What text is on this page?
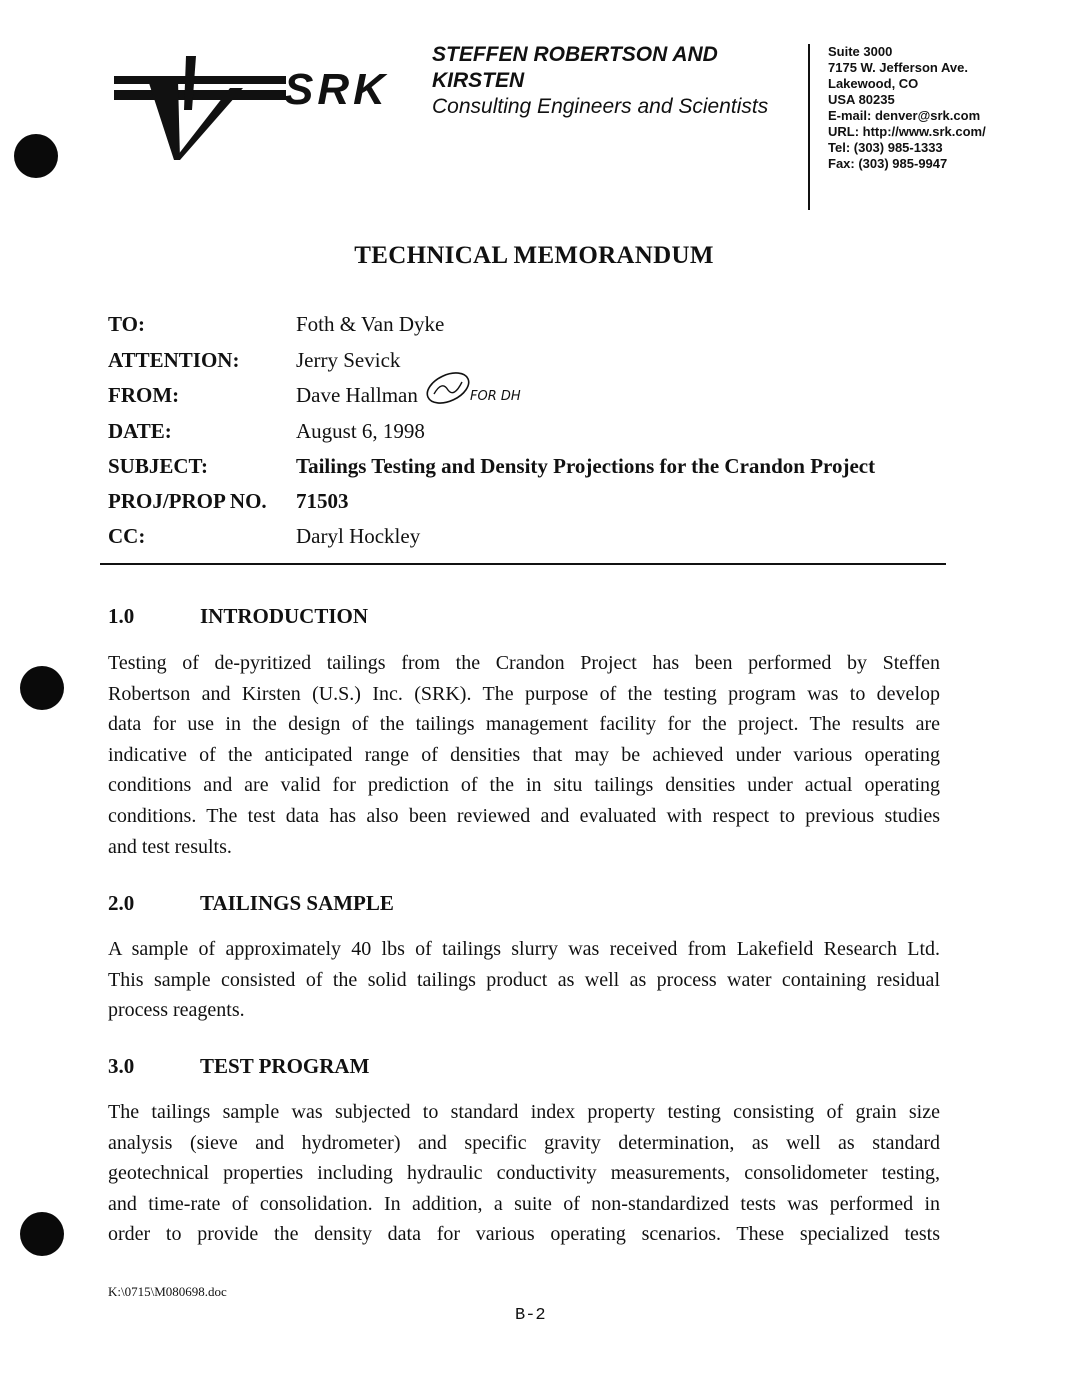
SRK
STEFFEN ROBERTSON AND
KIRSTEN
Consulting Engineers and Scientists
Suite 3000
7175 W. Jefferson Ave.
Lakewood, CO
USA 80235
E-mail: denver@srk.com
URL: http://www.srk.com/
Tel: (303) 985-1333
Fax: (303) 985-9947
TECHNICAL MEMORANDUM
TO:	Foth & Van Dyke
ATTENTION:	Jerry Sevick
FROM:	Dave Hallman
DATE:	August 6, 1998
SUBJECT:	Tailings Testing and Density Projections for the Crandon Project
PROJ/PROP NO. 71503
CC:	Daryl Hockley
FOR DH
1.0	INTRODUCTION
Testing of de-pyritized tailings from the Crandon Project has been performed by Steffen
Robertson and Kirsten (U.S.) Inc. (SRK). The purpose of the testing program was to develop
data for use in the design of the tailings management facility for the project. The results are
indicative of the anticipated range of densities that may be achieved under various operating
conditions and are valid for prediction of the in situ tailings densities under actual operating
conditions. The test data has also been reviewed and evaluated with respect to previous studies
and test results.
2.0	TAILINGS SAMPLE
A sample of approximately 40 lbs of tailings slurry was received from Lakefield Research Ltd.
This sample consisted of the solid tailings product as well as process water containing residual
process reagents.
3.0	TEST PROGRAM
The tailings sample was subjected to standard index property testing consisting of grain size
analysis (sieve and hydrometer) and specific gravity determination, as well as standard
geotechnical properties including hydraulic conductivity measurements, consolidometer testing,
and time-rate of consolidation. In addition, a suite of non-standardized tests was performed in
order to provide the density data for various operating scenarios. These specialized tests
K:\0715\M080698.doc
B-2
